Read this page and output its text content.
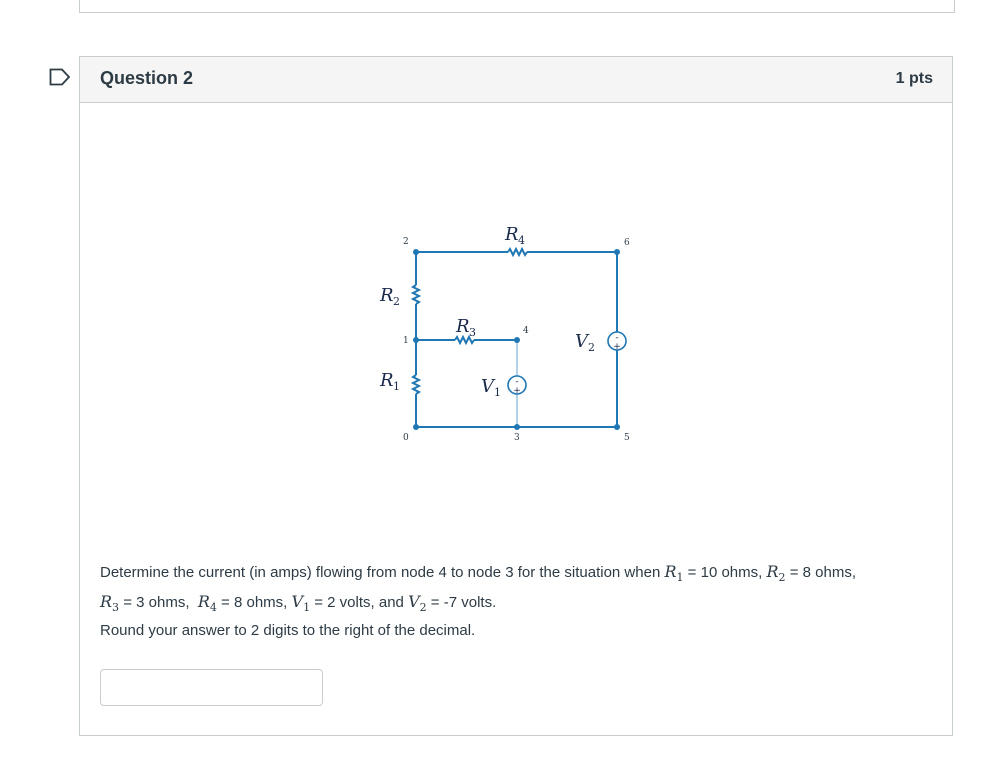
Question 2	1 pts
-
+
-
+
2	6
1
4
0	3	5
R 4
R 2
R 3
R 1	V 1
V 2
Determine the current (in amps) flowing from node 4 to node 3 for the situation when $R_1 = 10$ ohms, $R_2 = 8$ ohms,
$R_3 = 3$ ohms,  $R_4 = 8$ ohms, $V_1 = 2$ volts, and $V_2 = -7$ volts.
Round your answer to 2 digits to the right of the decimal.
